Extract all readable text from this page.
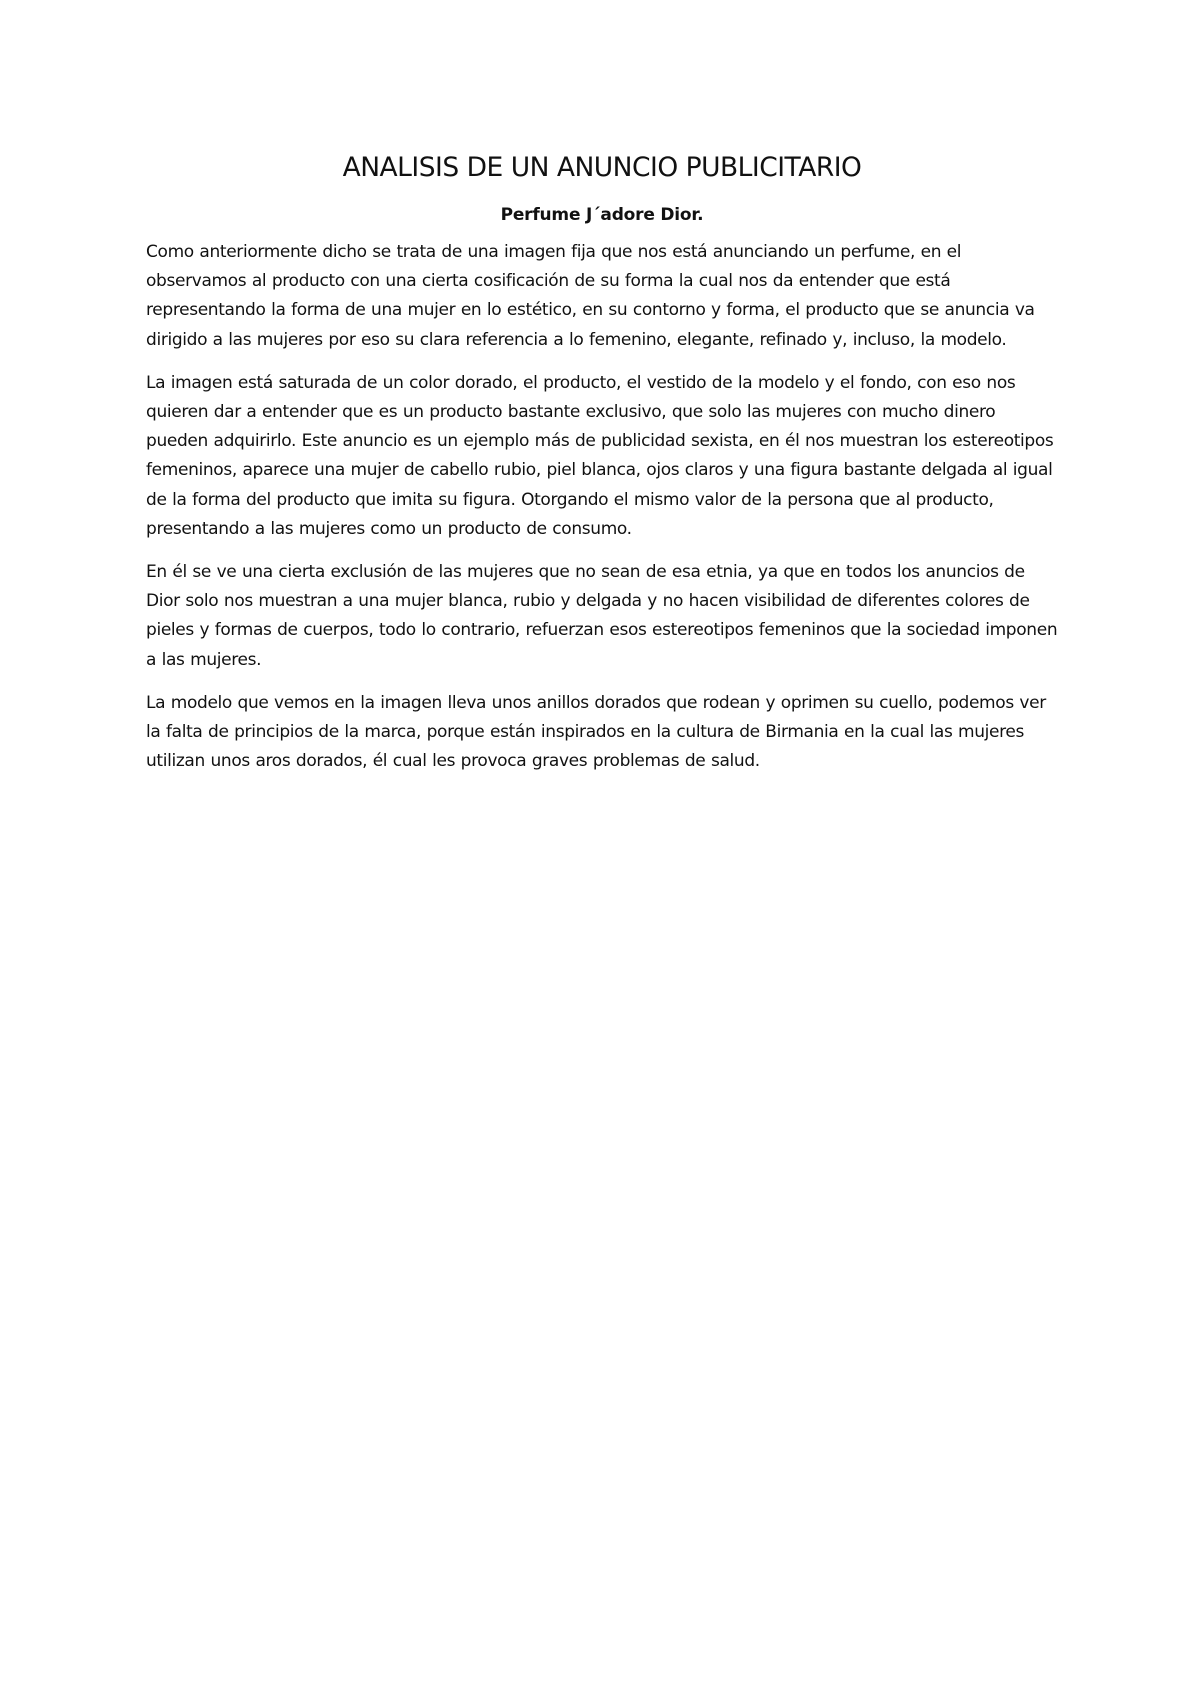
ANALISIS DE UN ANUNCIO PUBLICITARIO

Perfume J´adore Dior.

Como anteriormente dicho se trata de una imagen fija que nos está anunciando un perfume, en el observamos al producto con una cierta cosificación de su forma la cual nos da entender que está representando la forma de una mujer en lo estético, en su contorno y forma, el producto que se anuncia va dirigido a las mujeres por eso su clara referencia a lo femenino, elegante, refinado y, incluso, la modelo.

La imagen está saturada de un color dorado, el producto, el vestido de la modelo y el fondo, con eso nos quieren dar a entender que es un producto bastante exclusivo, que solo las mujeres con mucho dinero pueden adquirirlo. Este anuncio es un ejemplo más de publicidad sexista, en él nos muestran los estereotipos femeninos, aparece una mujer de cabello rubio, piel blanca, ojos claros y una figura bastante delgada al igual de la forma del producto que imita su figura. Otorgando el mismo valor de la persona que al producto, presentando a las mujeres como un producto de consumo.

En él se ve una cierta exclusión de las mujeres que no sean de esa etnia, ya que en todos los anuncios de Dior solo nos muestran a una mujer blanca, rubio y delgada y no hacen visibilidad de diferentes colores de pieles y formas de cuerpos, todo lo contrario, refuerzan esos estereotipos femeninos que la sociedad imponen a las mujeres.

La modelo que vemos en la imagen lleva unos anillos dorados que rodean y oprimen su cuello, podemos ver la falta de principios de la marca, porque están inspirados en la cultura de Birmania en la cual las mujeres utilizan unos aros dorados, él cual les provoca graves problemas de salud.
